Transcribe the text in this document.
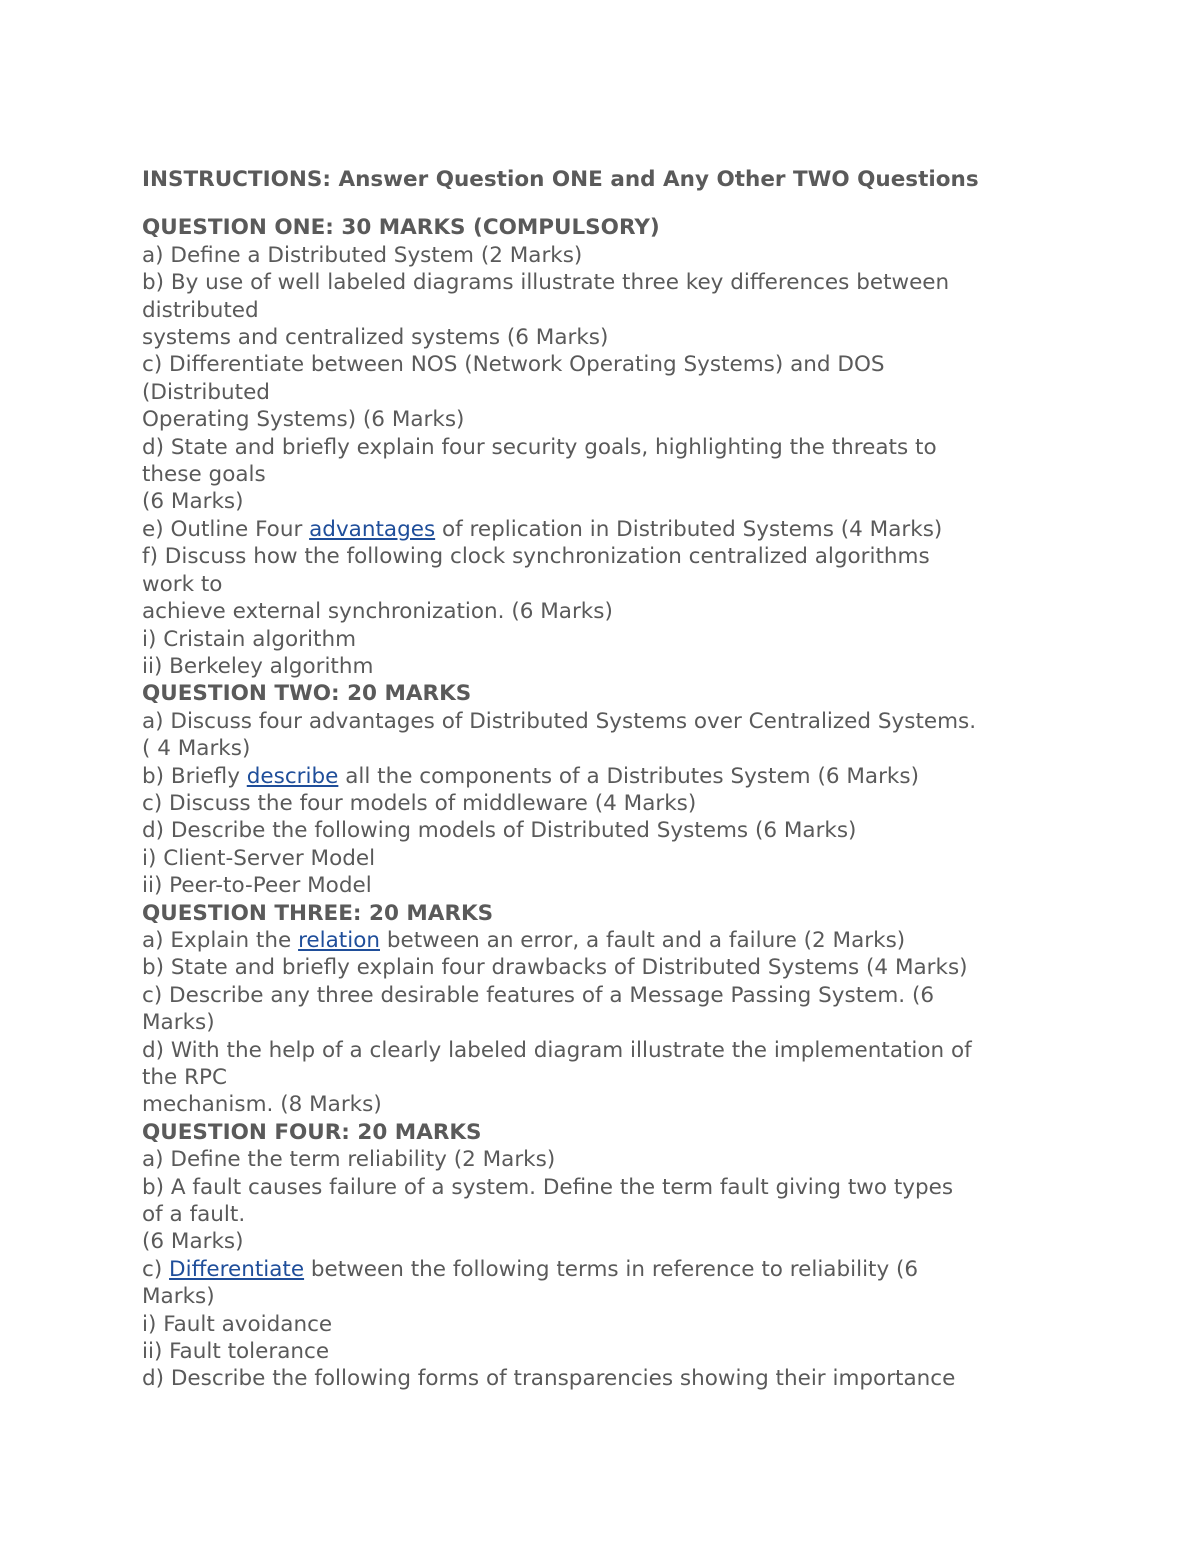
INSTRUCTIONS: Answer Question ONE and Any Other TWO Questions
QUESTION ONE: 30 MARKS (COMPULSORY)
a) Define a Distributed System (2 Marks)
b) By use of well labeled diagrams illustrate three key differences between
distributed
systems and centralized systems (6 Marks)
c) Differentiate between NOS (Network Operating Systems) and DOS
(Distributed
Operating Systems) (6 Marks)
d) State and briefly explain four security goals, highlighting the threats to
these goals
(6 Marks)
e) Outline Four advantages of replication in Distributed Systems (4 Marks)
f) Discuss how the following clock synchronization centralized algorithms
work to
achieve external synchronization. (6 Marks)
i) Cristain algorithm
ii) Berkeley algorithm
QUESTION TWO: 20 MARKS
a) Discuss four advantages of Distributed Systems over Centralized Systems.
( 4 Marks)
b) Briefly describe all the components of a Distributes System (6 Marks)
c) Discuss the four models of middleware (4 Marks)
d) Describe the following models of Distributed Systems (6 Marks)
i) Client-Server Model
ii) Peer-to-Peer Model
QUESTION THREE: 20 MARKS
a) Explain the relation between an error, a fault and a failure (2 Marks)
b) State and briefly explain four drawbacks of Distributed Systems (4 Marks)
c) Describe any three desirable features of a Message Passing System. (6
Marks)
d) With the help of a clearly labeled diagram illustrate the implementation of
the RPC
mechanism. (8 Marks)
QUESTION FOUR: 20 MARKS
a) Define the term reliability (2 Marks)
b) A fault causes failure of a system. Define the term fault giving two types
of a fault.
(6 Marks)
c) Differentiate between the following terms in reference to reliability (6
Marks)
i) Fault avoidance
ii) Fault tolerance
d) Describe the following forms of transparencies showing their importance
